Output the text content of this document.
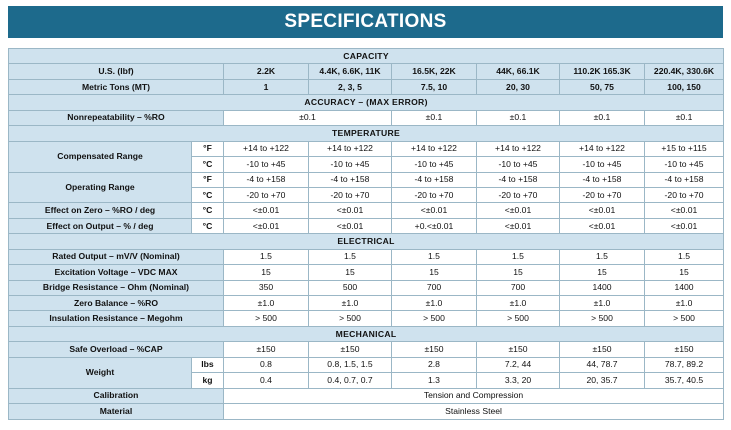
SPECIFICATIONS
CAPACITY							
U.S. (lbf)		2.2K	4.4K, 6.6K, 11K	16.5K, 22K	44K, 66.1K	110.2K 165.3K	220.4K, 330.6K
Metric Tons (MT)		1	2, 3, 5	7.5, 10	20, 30	50, 75	100, 150
ACCURACY – (MAX ERROR)							
Nonrepeatability – %RO		±0.1		±0.1	±0.1	±0.1	±0.1
TEMPERATURE							
Compensated Range	°F	+14 to +122	+14 to +122	+14 to +122	+14 to +122	+14 to +122	+15 to +115
	°C	-10 to +45	-10 to +45	-10 to +45	-10 to +45	-10 to +45	-10 to +45
Operating Range	°F	-4 to +158	-4 to +158	-4 to +158	-4 to +158	-4 to +158	-4 to +158
	°C	-20 to +70	-20 to +70	-20 to +70	-20 to +70	-20 to +70	-20 to +70
Effect on Zero – %RO / deg	°C	<±0.01	<±0.01	<±0.01	<±0.01	<±0.01	<±0.01
Effect on Output – % / deg	°C	<±0.01	<±0.01	+0.<±0.01	<±0.01	<±0.01	<±0.01
ELECTRICAL							
Rated Output – mV/V (Nominal)		1.5	1.5	1.5	1.5	1.5	1.5
Excitation Voltage – VDC MAX		15	15	15	15	15	15
Bridge Resistance – Ohm (Nominal)		350	500	700	700	1400	1400
Zero Balance – %RO		±1.0	±1.0	±1.0	±1.0	±1.0	±1.0
Insulation Resistance – Megohm		> 500	> 500	> 500	> 500	> 500	> 500
MECHANICAL							
Safe Overload – %CAP		±150	±150	±150	±150	±150	±150
Weight	lbs	0.8	0.8, 1.5, 1.5	2.8	7.2, 44	44, 78.7	78.7, 89.2
	kg	0.4	0.4, 0.7, 0.7	1.3	3.3, 20	20, 35.7	35.7, 40.5
Calibration		Tension and Compression					
Material		Stainless Steel					
